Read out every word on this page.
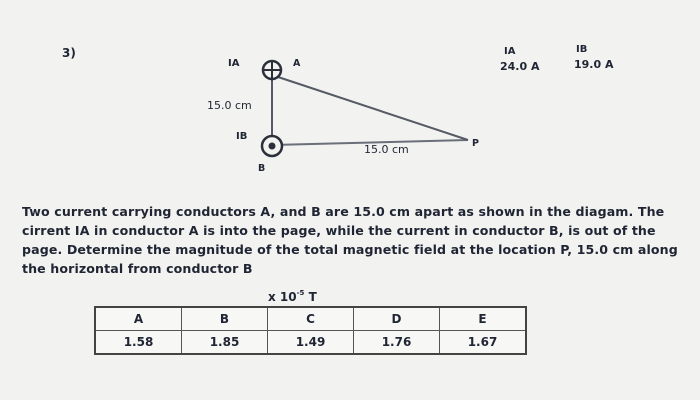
3)
IA	A
15.0 cm
IB
B
15.0 cm	P
IA
24.0 A
IB
19.0 A
Two current carrying conductors A, and B are 15.0 cm apart as shown in the diagam. The cirrent IA in conductor A is into the page, while the current in conductor B, is out of the page. Determine the magnitude of the total magnetic field at the location P, 15.0 cm along the horizontal from conductor B
x $10^{-5}$ T
A	B	C	D	E
1.58	1.85	1.49	1.76	1.67
